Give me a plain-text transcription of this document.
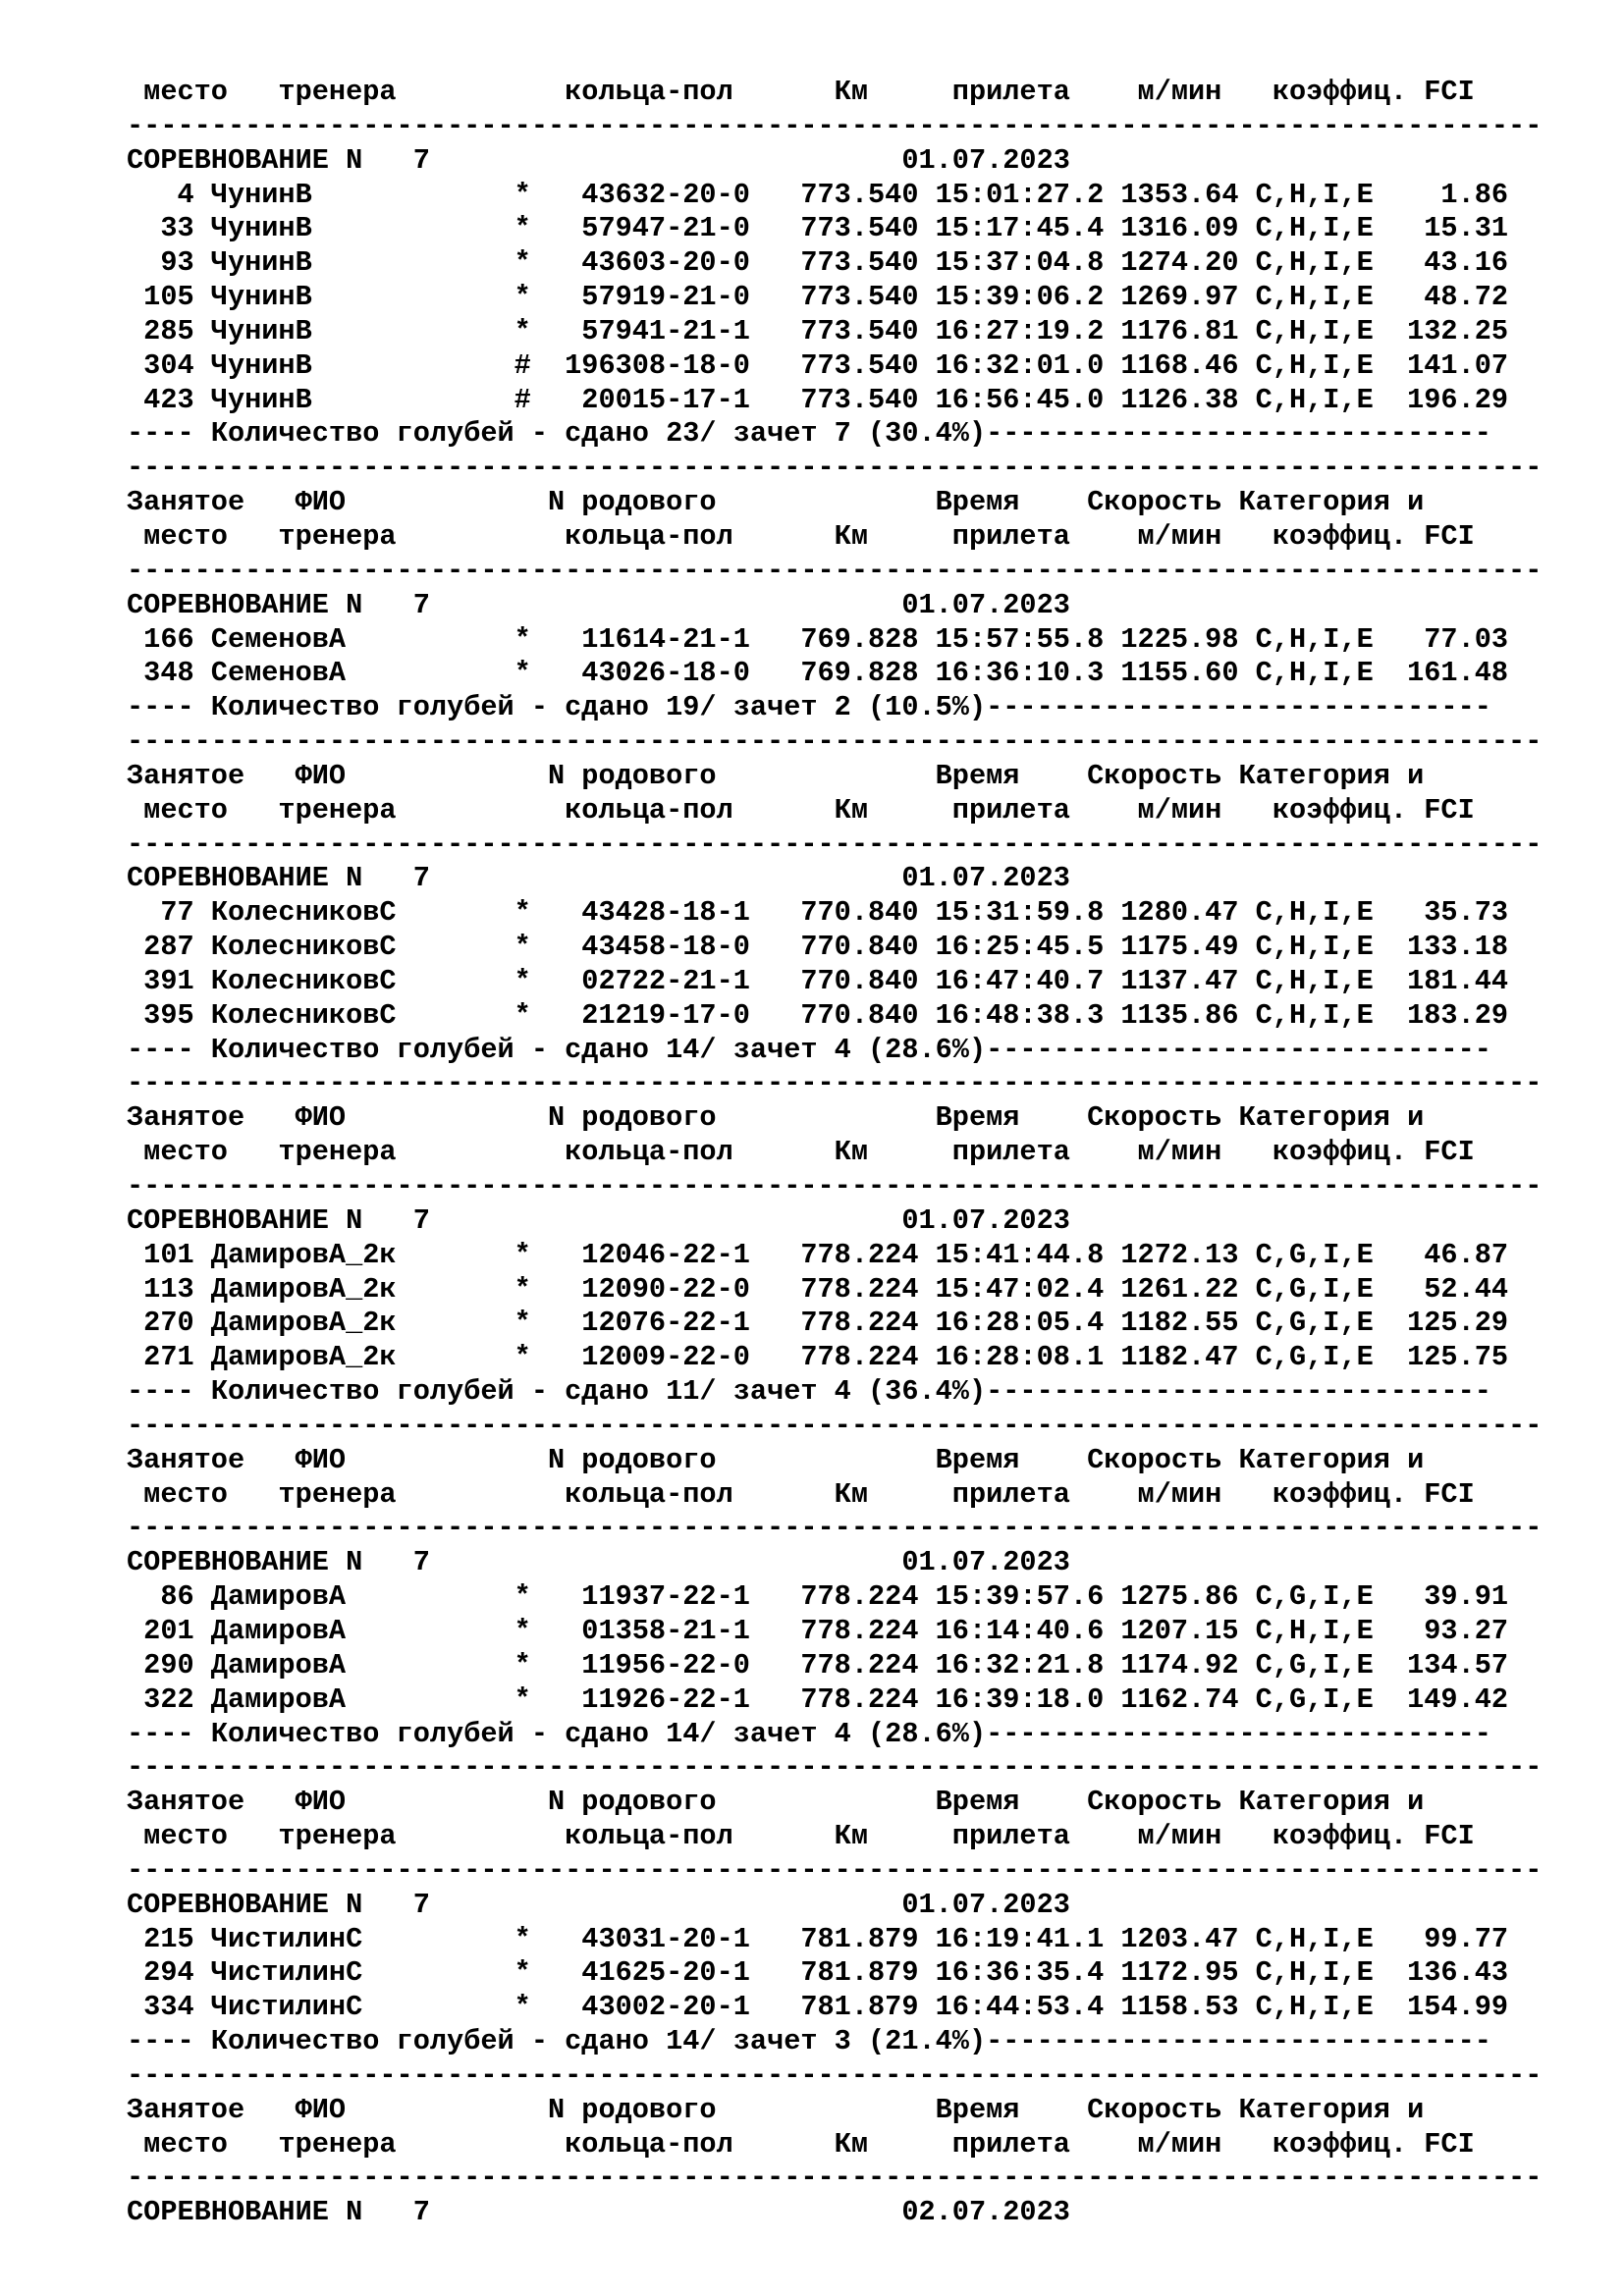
место   тренера          кольца-пол      Км     прилета    м/мин   коэффиц. FCI
------------------------------------------------------------------------------------
СОРЕВНОВАНИЕ N   7                            01.07.2023
4 ЧунинВ            *   43632-20-0   773.540 15:01:27.2 1353.64 C,H,I,E    1.86
33 ЧунинВ            *   57947-21-0   773.540 15:17:45.4 1316.09 C,H,I,E   15.31
93 ЧунинВ            *   43603-20-0   773.540 15:37:04.8 1274.20 C,H,I,E   43.16
105 ЧунинВ            *   57919-21-0   773.540 15:39:06.2 1269.97 C,H,I,E   48.72
285 ЧунинВ            *   57941-21-1   773.540 16:27:19.2 1176.81 C,H,I,E  132.25
304 ЧунинВ            #  196308-18-0   773.540 16:32:01.0 1168.46 C,H,I,E  141.07
423 ЧунинВ            #   20015-17-1   773.540 16:56:45.0 1126.38 C,H,I,E  196.29
---- Количество голубей - сдано 23/ зачет 7 (30.4%)------------------------------
------------------------------------------------------------------------------------
Занятое   ФИО            N родового             Время    Скорость Категория и
место   тренера          кольца-пол      Км     прилета    м/мин   коэффиц. FCI
------------------------------------------------------------------------------------
СОРЕВНОВАНИЕ N   7                            01.07.2023
166 СеменовА          *   11614-21-1   769.828 15:57:55.8 1225.98 C,H,I,E   77.03
348 СеменовА          *   43026-18-0   769.828 16:36:10.3 1155.60 C,H,I,E  161.48
---- Количество голубей - сдано 19/ зачет 2 (10.5%)------------------------------
------------------------------------------------------------------------------------
Занятое   ФИО            N родового             Время    Скорость Категория и
место   тренера          кольца-пол      Км     прилета    м/мин   коэффиц. FCI
------------------------------------------------------------------------------------
СОРЕВНОВАНИЕ N   7                            01.07.2023
77 КолесниковС       *   43428-18-1   770.840 15:31:59.8 1280.47 C,H,I,E   35.73
287 КолесниковС       *   43458-18-0   770.840 16:25:45.5 1175.49 C,H,I,E  133.18
391 КолесниковС       *   02722-21-1   770.840 16:47:40.7 1137.47 C,H,I,E  181.44
395 КолесниковС       *   21219-17-0   770.840 16:48:38.3 1135.86 C,H,I,E  183.29
---- Количество голубей - сдано 14/ зачет 4 (28.6%)------------------------------
------------------------------------------------------------------------------------
Занятое   ФИО            N родового             Время    Скорость Категория и
место   тренера          кольца-пол      Км     прилета    м/мин   коэффиц. FCI
------------------------------------------------------------------------------------
СОРЕВНОВАНИЕ N   7                            01.07.2023
101 ДамировА_2к       *   12046-22-1   778.224 15:41:44.8 1272.13 C,G,I,E   46.87
113 ДамировА_2к       *   12090-22-0   778.224 15:47:02.4 1261.22 C,G,I,E   52.44
270 ДамировА_2к       *   12076-22-1   778.224 16:28:05.4 1182.55 C,G,I,E  125.29
271 ДамировА_2к       *   12009-22-0   778.224 16:28:08.1 1182.47 C,G,I,E  125.75
---- Количество голубей - сдано 11/ зачет 4 (36.4%)------------------------------
------------------------------------------------------------------------------------
Занятое   ФИО            N родового             Время    Скорость Категория и
место   тренера          кольца-пол      Км     прилета    м/мин   коэффиц. FCI
------------------------------------------------------------------------------------
СОРЕВНОВАНИЕ N   7                            01.07.2023
86 ДамировА          *   11937-22-1   778.224 15:39:57.6 1275.86 C,G,I,E   39.91
201 ДамировА          *   01358-21-1   778.224 16:14:40.6 1207.15 C,H,I,E   93.27
290 ДамировА          *   11956-22-0   778.224 16:32:21.8 1174.92 C,G,I,E  134.57
322 ДамировА          *   11926-22-1   778.224 16:39:18.0 1162.74 C,G,I,E  149.42
---- Количество голубей - сдано 14/ зачет 4 (28.6%)------------------------------
------------------------------------------------------------------------------------
Занятое   ФИО            N родового             Время    Скорость Категория и
место   тренера          кольца-пол      Км     прилета    м/мин   коэффиц. FCI
------------------------------------------------------------------------------------
СОРЕВНОВАНИЕ N   7                            01.07.2023
215 ЧистилинС         *   43031-20-1   781.879 16:19:41.1 1203.47 C,H,I,E   99.77
294 ЧистилинС         *   41625-20-1   781.879 16:36:35.4 1172.95 C,H,I,E  136.43
334 ЧистилинС         *   43002-20-1   781.879 16:44:53.4 1158.53 C,H,I,E  154.99
---- Количество голубей - сдано 14/ зачет 3 (21.4%)------------------------------
------------------------------------------------------------------------------------
Занятое   ФИО            N родового             Время    Скорость Категория и
место   тренера          кольца-пол      Км     прилета    м/мин   коэффиц. FCI
------------------------------------------------------------------------------------
СОРЕВНОВАНИЕ N   7                            02.07.2023
